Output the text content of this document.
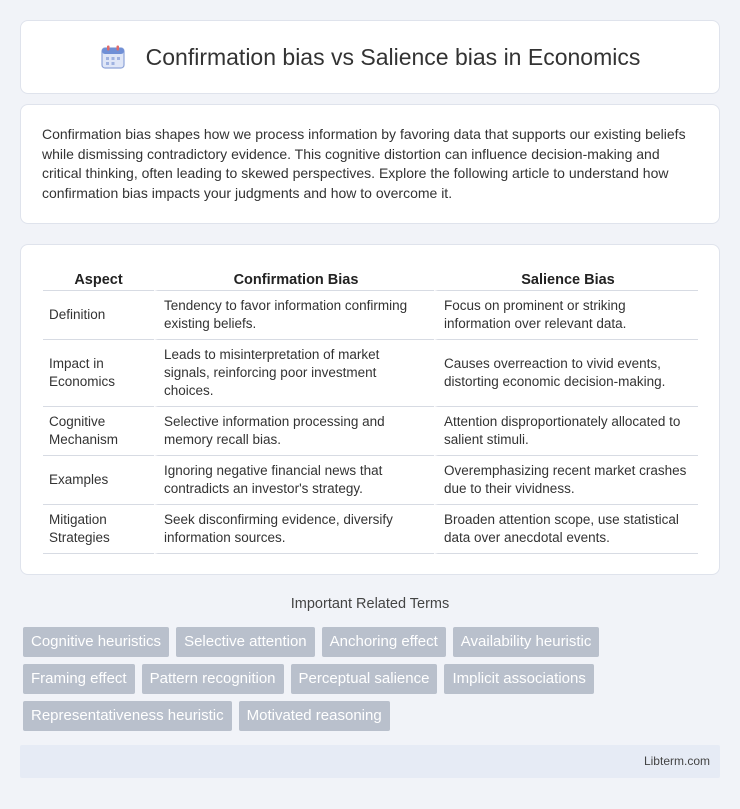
Confirmation bias vs Salience bias in Economics

Confirmation bias shapes how we process information by favoring data that supports our existing beliefs while dismissing contradictory evidence. This cognitive distortion can influence decision-making and critical thinking, often leading to skewed perspectives. Explore the following article to understand how confirmation bias impacts your judgments and how to overcome it.

Aspect	Confirmation Bias	Salience Bias
Definition	Tendency to favor information confirming existing beliefs.	Focus on prominent or striking information over relevant data.
Impact in Economics	Leads to misinterpretation of market signals, reinforcing poor investment choices.	Causes overreaction to vivid events, distorting economic decision-making.
Cognitive Mechanism	Selective information processing and memory recall bias.	Attention disproportionately allocated to salient stimuli.
Examples	Ignoring negative financial news that contradicts an investor's strategy.	Overemphasizing recent market crashes due to their vividness.
Mitigation Strategies	Seek disconfirming evidence, diversify information sources.	Broaden attention scope, use statistical data over anecdotal events.
Important Related Terms
Cognitive heuristics	Selective attention	Anchoring effect	Availability heuristic
Framing effect	Pattern recognition	Perceptual salience	Implicit associations
Representativeness heuristic	Motivated reasoning
Libterm.com
